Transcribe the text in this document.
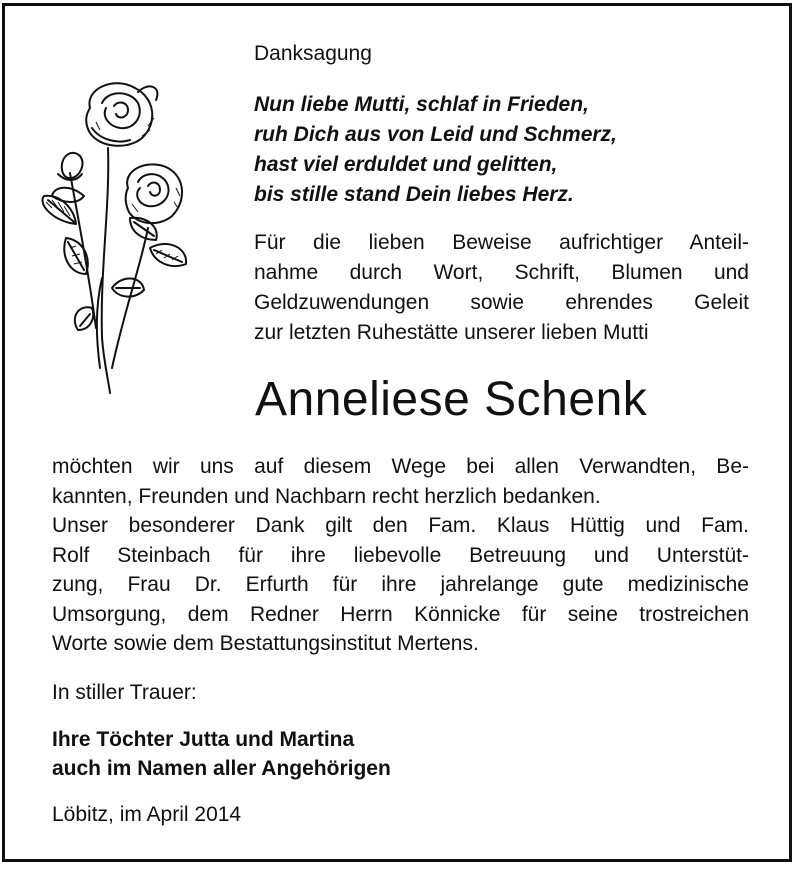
Danksagung

Nun liebe Mutti, schlaf in Frieden,
ruh Dich aus von Leid und Schmerz,
hast viel erduldet und gelitten,
bis stille stand Dein liebes Herz.

Für die lieben Beweise aufrichtiger Anteil-
nahme durch Wort, Schrift, Blumen und
Geldzuwendungen sowie ehrendes Geleit
zur letzten Ruhestätte unserer lieben Mutti

Anneliese Schenk

möchten wir uns auf diesem Wege bei allen Verwandten, Be-
kannten, Freunden und Nachbarn recht herzlich bedanken.
Unser besonderer Dank gilt den Fam. Klaus Hüttig und Fam.
Rolf Steinbach für ihre liebevolle Betreuung und Unterstüt-
zung, Frau Dr. Erfurth für ihre jahrelange gute medizinische
Umsorgung, dem Redner Herrn Könnicke für seine trostreichen
Worte sowie dem Bestattungsinstitut Mertens.

In stiller Trauer:

Ihre Töchter Jutta und Martina
auch im Namen aller Angehörigen

Löbitz, im April 2014
